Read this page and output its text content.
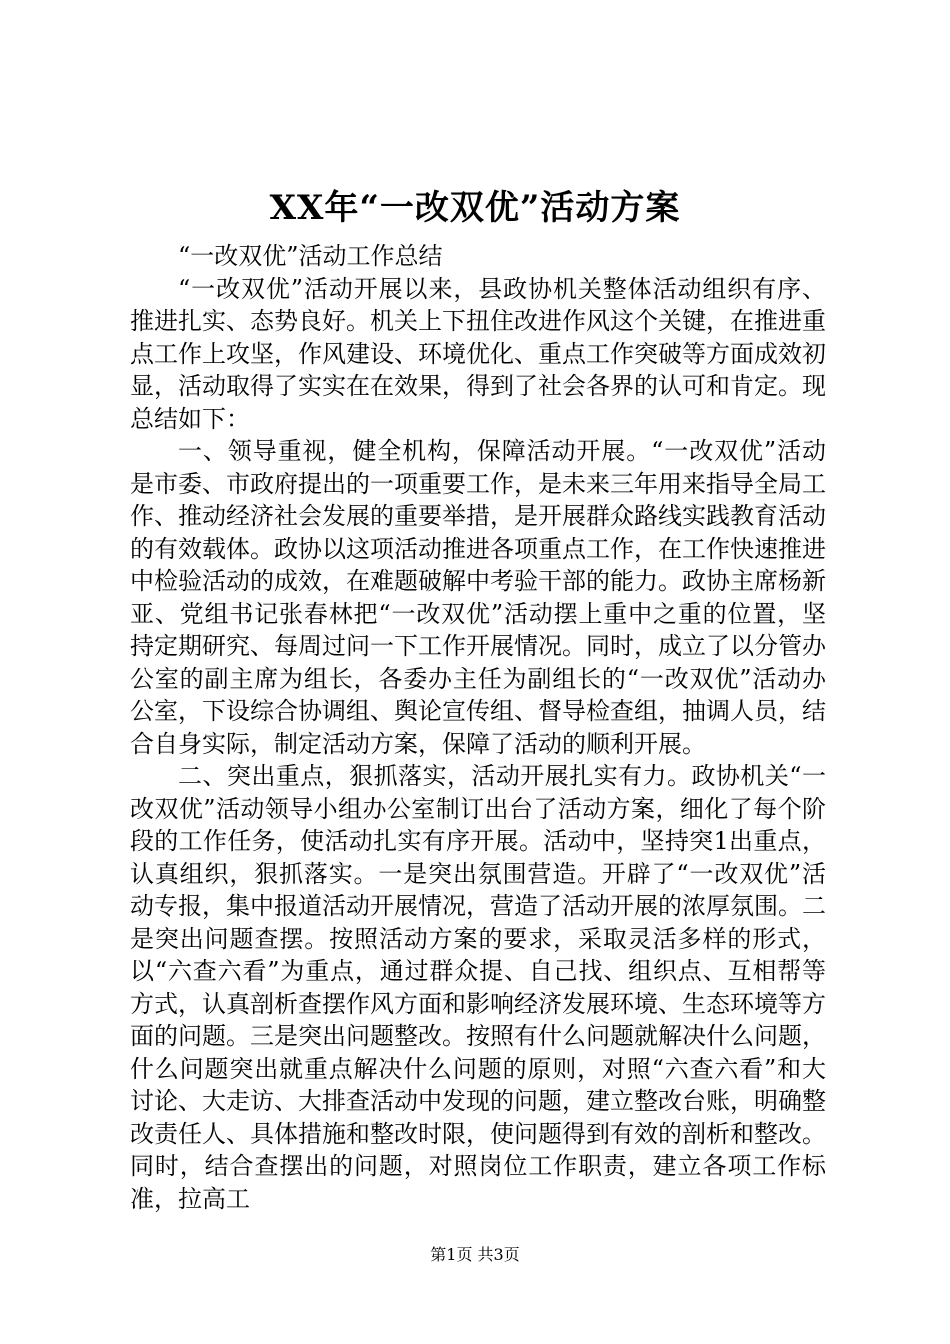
XX年“一改双优”活动方案

“一改双优”活动工作总结

“一改双优”活动开展以来，县政协机关整体活动组织有序、推进扎实、态势良好。机关上下扭住改进作风这个关键，在推进重点工作上攻坚，作风建设、环境优化、重点工作突破等方面成效初显，活动取得了实实在在效果，得到了社会各界的认可和肯定。现总结如下：

一、领导重视，健全机构，保障活动开展。“一改双优”活动是市委、市政府提出的一项重要工作，是未来三年用来指导全局工作、推动经济社会发展的重要举措，是开展群众路线实践教育活动的有效载体。政协以这项活动推进各项重点工作，在工作快速推进中检验活动的成效，在难题破解中考验干部的能力。政协主席杨新亚、党组书记张春林把“一改双优”活动摆上重中之重的位置，坚持定期研究、每周过问一下工作开展情况。同时，成立了以分管办公室的副主席为组长，各委办主任为副组长的“一改双优”活动办公室，下设综合协调组、舆论宣传组、督导检查组，抽调人员，结合自身实际，制定活动方案，保障了活动的顺利开展。

二、突出重点，狠抓落实，活动开展扎实有力。政协机关“一改双优”活动领导小组办公室制订出台了活动方案，细化了每个阶段的工作任务，使活动扎实有序开展。活动中，坚持突1出重点，认真组织，狠抓落实。一是突出氛围营造。开辟了“一改双优”活动专报，集中报道活动开展情况，营造了活动开展的浓厚氛围。二是突出问题查摆。按照活动方案的要求，采取灵活多样的形式，以“六查六看”为重点，通过群众提、自己找、组织点、互相帮等方式，认真剖析查摆作风方面和影响经济发展环境、生态环境等方面的问题。三是突出问题整改。按照有什么问题就解决什么问题，什么问题突出就重点解决什么问题的原则，对照“六查六看”和大讨论、大走访、大排查活动中发现的问题，建立整改台账，明确整改责任人、具体措施和整改时限，使问题得到有效的剖析和整改。同时，结合查摆出的问题，对照岗位工作职责，建立各项工作标准，拉高工

第1页 共3页
